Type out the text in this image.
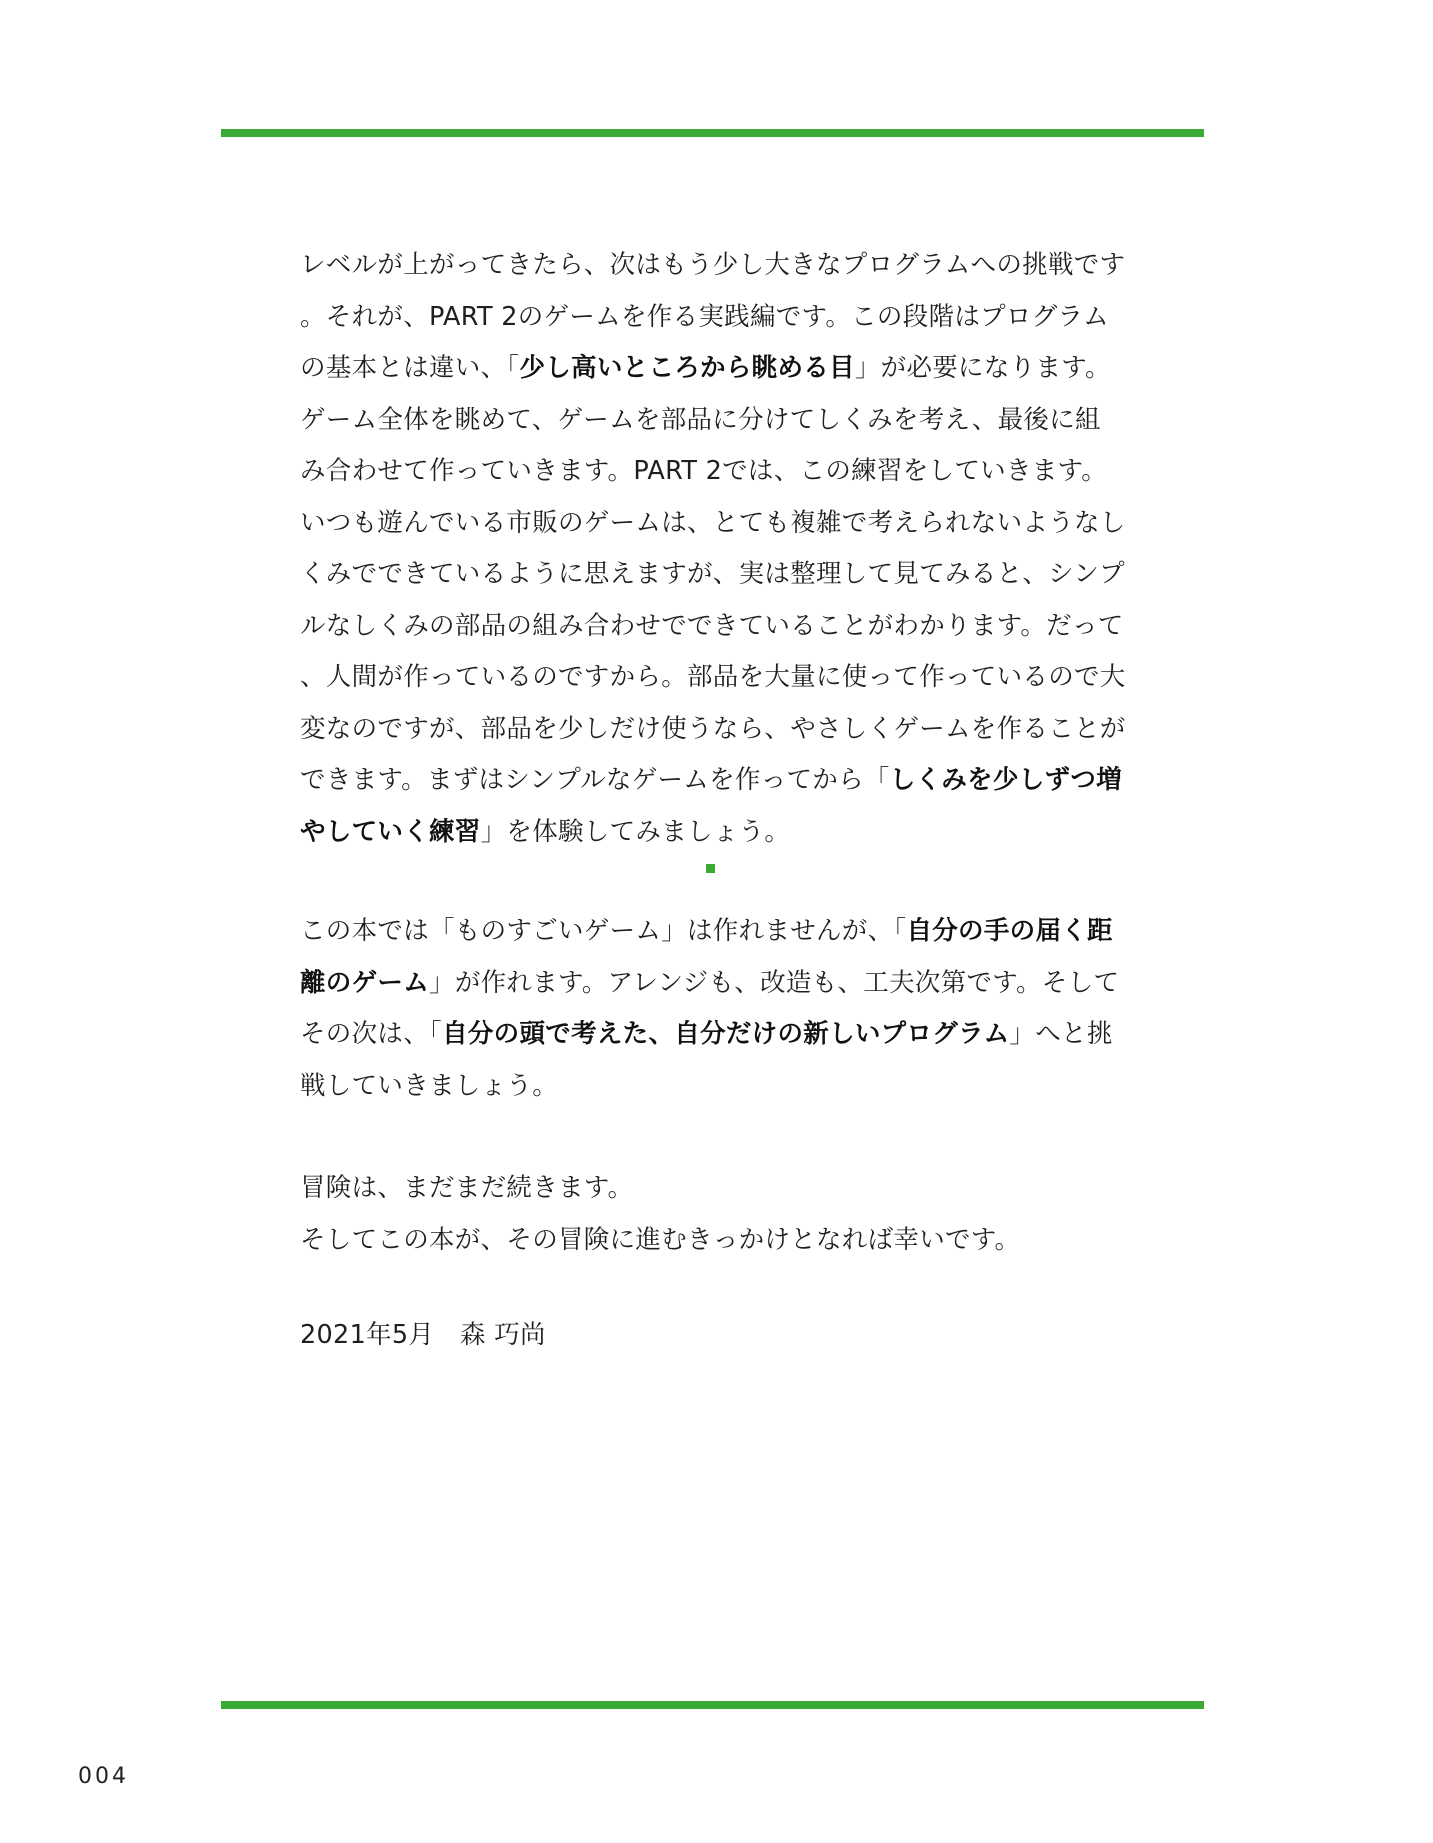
レベルが上がってきたら、次はもう少し大きなプログラムへの挑戦です。それが、PART 2のゲームを作る実践編です。この段階はプログラムの基本とは違い、「少し高いところから眺める目」が必要になります。ゲーム全体を眺めて、ゲームを部品に分けてしくみを考え、最後に組み合わせて作っていきます。PART 2では、この練習をしていきます。

いつも遊んでいる市販のゲームは、とても複雑で考えられないようなしくみでできているように思えますが、実は整理して見てみると、シンプルなしくみの部品の組み合わせでできていることがわかります。だって、人間が作っているのですから。部品を大量に使って作っているので大変なのですが、部品を少しだけ使うなら、やさしくゲームを作ることができます。まずはシンプルなゲームを作ってから「しくみを少しずつ増やしていく練習」を体験してみましょう。

この本では「ものすごいゲーム」は作れませんが、「自分の手の届く距離のゲーム」が作れます。アレンジも、改造も、工夫次第です。そしてその次は、「自分の頭で考えた、自分だけの新しいプログラム」へと挑戦していきましょう。

冒険は、まだまだ続きます。

そしてこの本が、その冒険に進むきっかけとなれば幸いです。

2021年5月　森 巧尚

004
